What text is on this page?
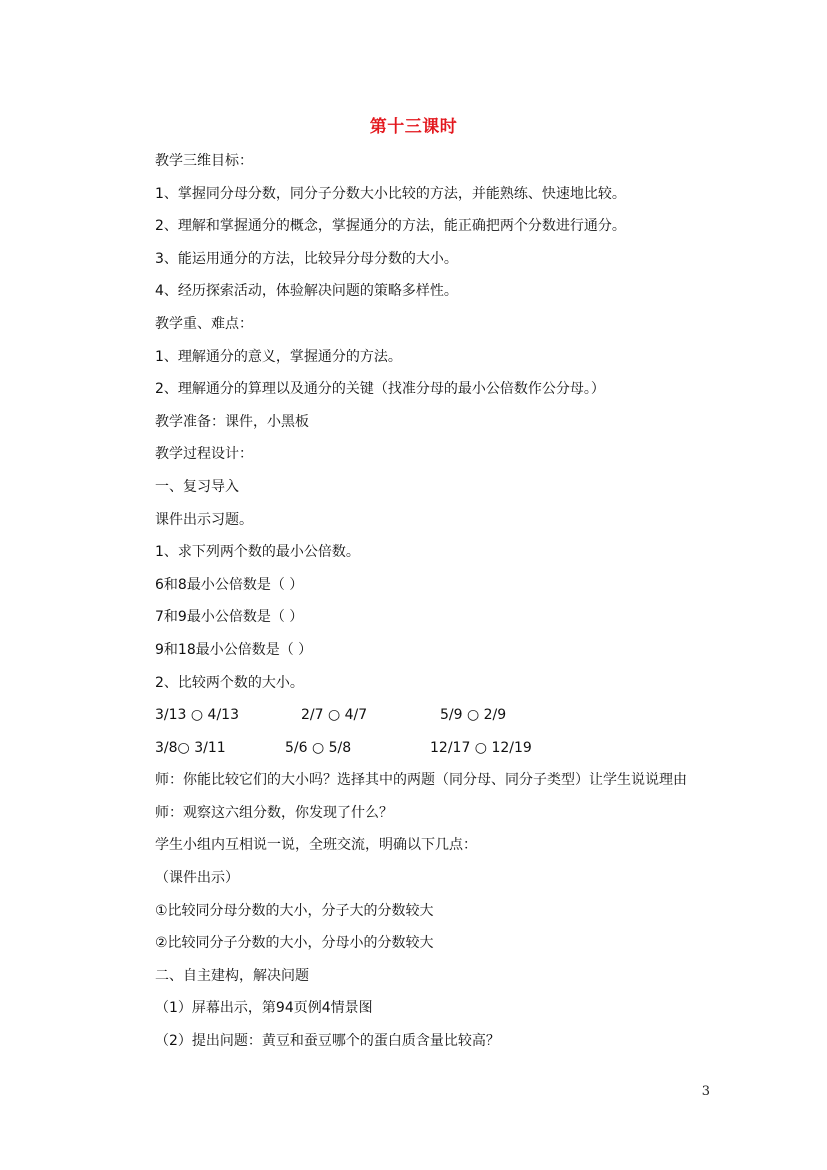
第十三课时
教学三维目标：
1、掌握同分母分数，同分子分数大小比较的方法，并能熟练、快速地比较。
2、理解和掌握通分的概念，掌握通分的方法，能正确把两个分数进行通分。
3、能运用通分的方法，比较异分母分数的大小。
4、经历探索活动，体验解决问题的策略多样性。
教学重、难点：
1、理解通分的意义，掌握通分的方法。
2、理解通分的算理以及通分的关键（找准分母的最小公倍数作公分母。）
教学准备：课件，小黑板
教学过程设计：
一、复习导入
课件出示习题。
1、求下列两个数的最小公倍数。
6和8最小公倍数是（ ）
7和9最小公倍数是（ ）
9和18最小公倍数是（ ）
2、比较两个数的大小。
3/13 ○ 4/13	2/7 ○ 4/7	5/9 ○ 2/9
3/8○ 3/11	5/6 ○ 5/8	12/17 ○ 12/19
师：你能比较它们的大小吗？选择其中的两题（同分母、同分子类型）让学生说说理由
师：观察这六组分数，你发现了什么？
学生小组内互相说一说，全班交流，明确以下几点：
（课件出示）
①比较同分母分数的大小，分子大的分数较大
②比较同分子分数的大小，分母小的分数较大
二、自主建构，解决问题
（1）屏幕出示，第94页例4情景图
（2）提出问题：黄豆和蚕豆哪个的蛋白质含量比较高？
3
